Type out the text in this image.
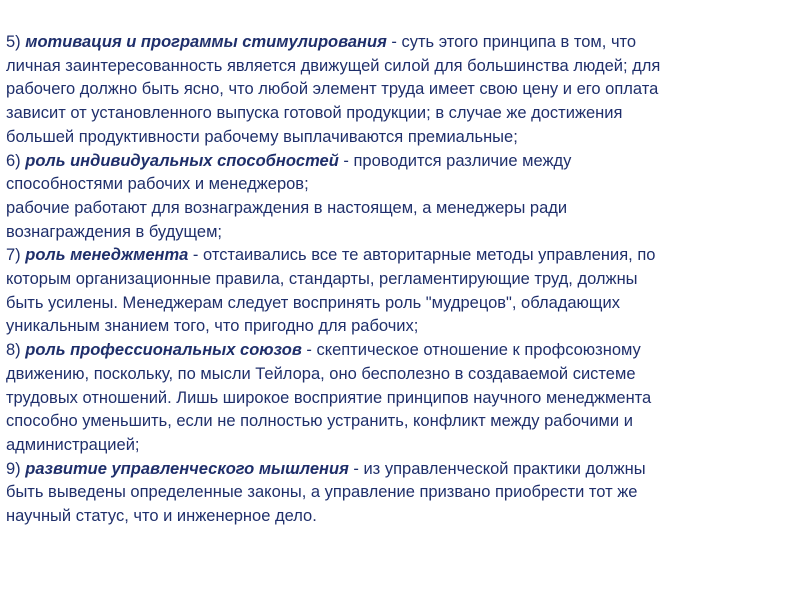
5) мотивация и программы стимулирования - суть этого принципа в том, что
личная заинтересованность является движущей силой для большинства людей; для
рабочего должно быть ясно, что любой элемент труда имеет свою цену и его оплата
зависит от установленного выпуска готовой продукции; в случае же достижения
большей продуктивности рабочему выплачиваются премиальные;
6) роль индивидуальных способностей - проводится различие между
способностями рабочих и менеджеров;
рабочие работают для вознаграждения в настоящем, а менеджеры ради
вознаграждения в будущем;
7) роль менеджмента - отстаивались все те авторитарные методы управления, по
которым организационные правила, стандарты, регламентирующие труд, должны
быть усилены. Менеджерам следует воспринять роль "мудрецов", обладающих
уникальным знанием того, что пригодно для рабочих;
8) роль профессиональных союзов - скептическое отношение к профсоюзному
движению, поскольку, по мысли Тейлора, оно бесполезно в создаваемой системе
трудовых отношений. Лишь широкое восприятие принципов научного менеджмента
способно уменьшить, если не полностью устранить, конфликт между рабочими и
администрацией;
9) развитие управленческого мышления - из управленческой практики должны
быть выведены определенные законы, а управление призвано приобрести тот же
научный статус, что и инженерное дело.
